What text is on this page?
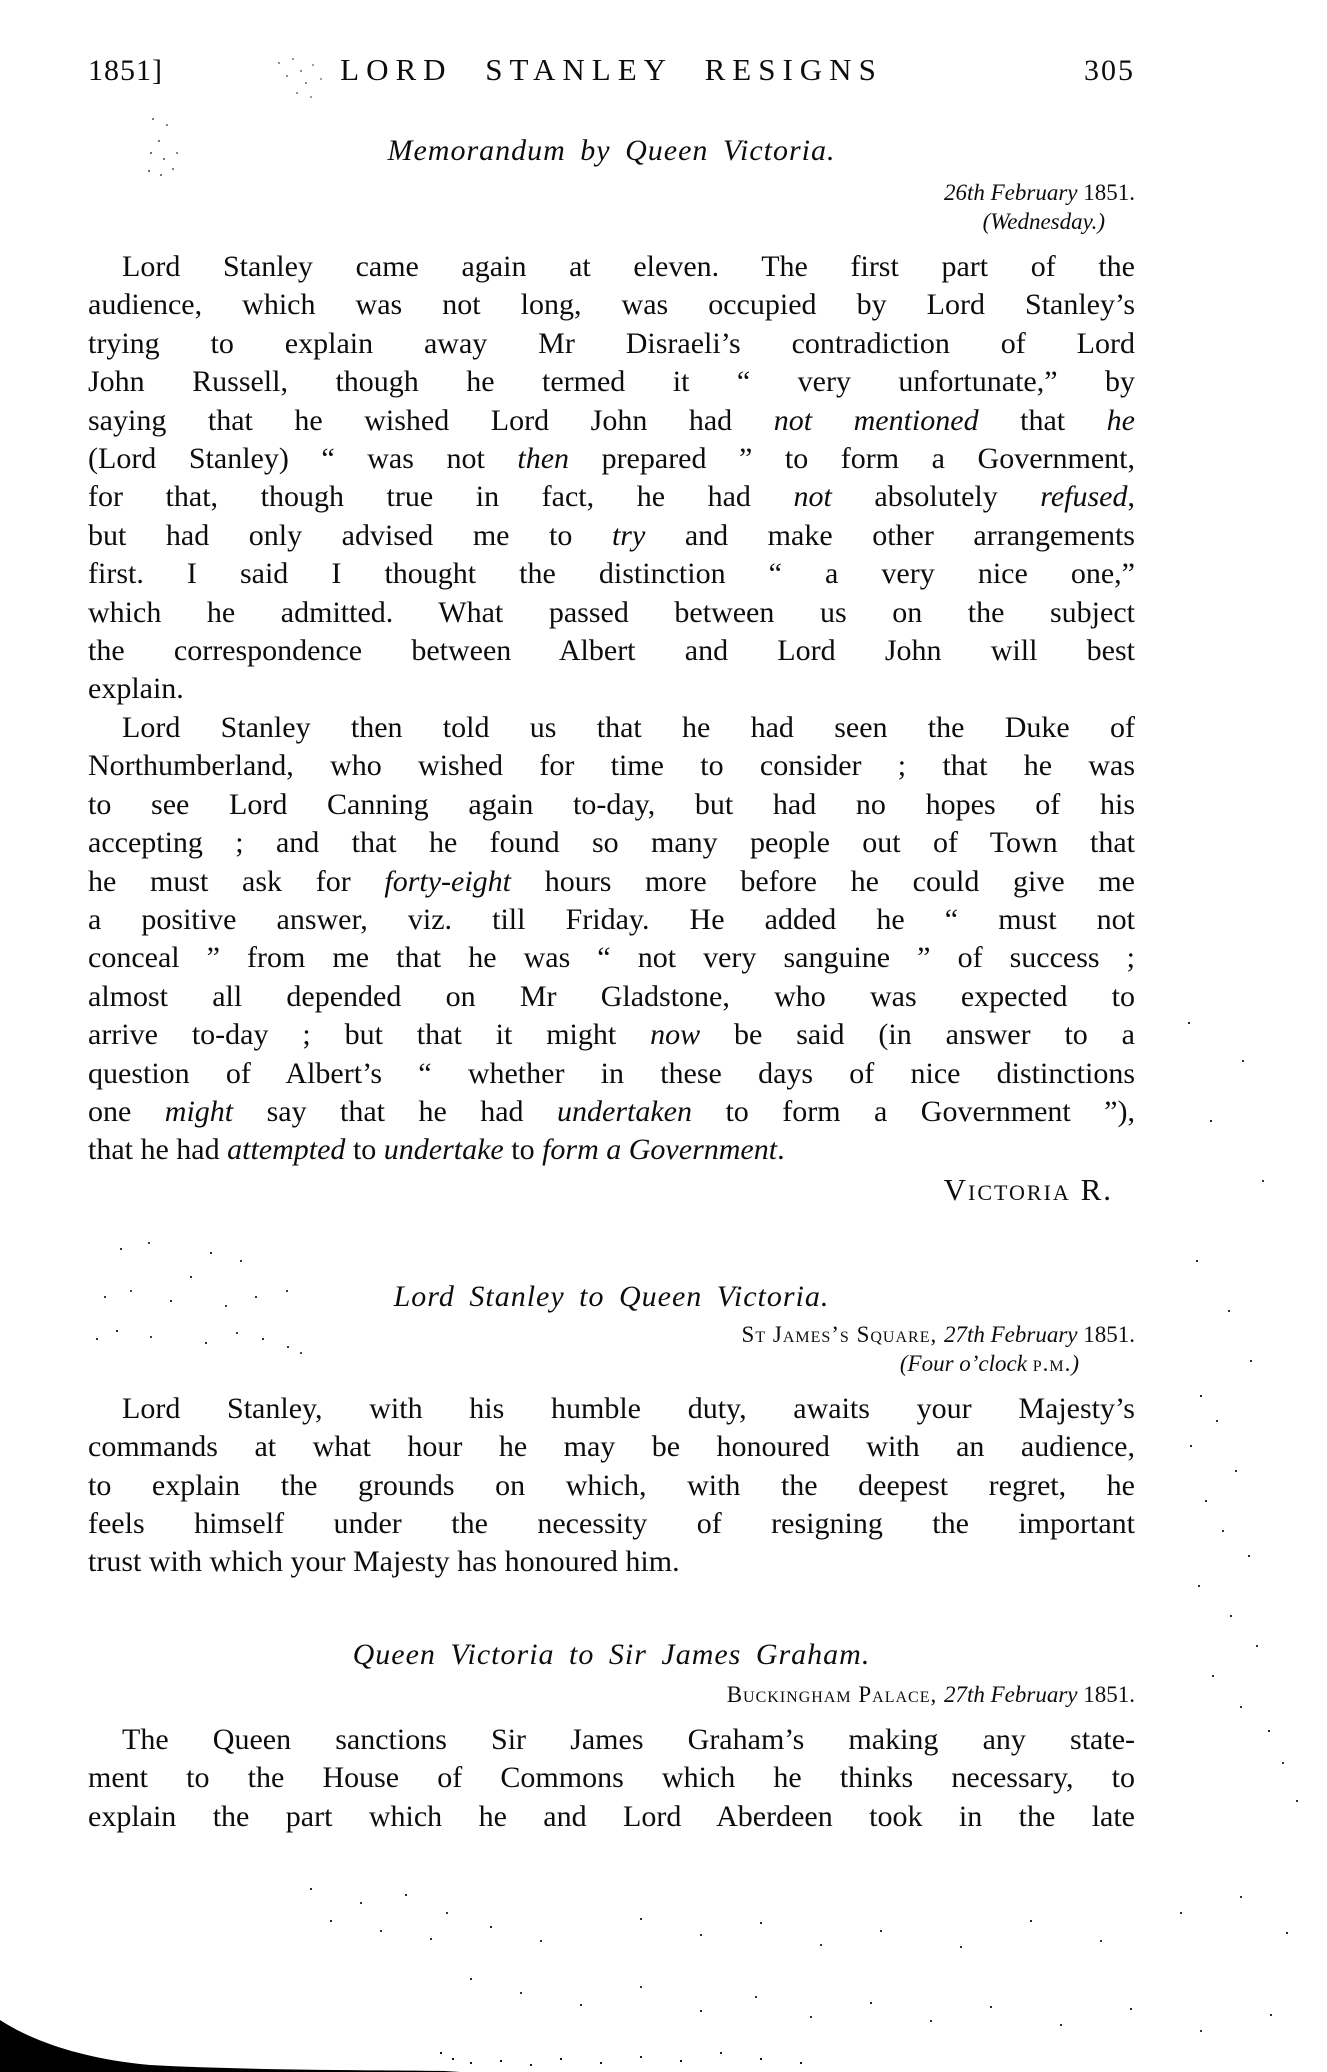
1851]	LORD STANLEY RESIGNS	305
Memorandum by Queen Victoria.
26th February 1851.
(Wednesday.)
Lord Stanley came again at eleven. The first part of the
audience, which was not long, was occupied by Lord Stanley’s
trying to explain away Mr Disraeli’s contradiction of Lord
John Russell, though he termed it “ very unfortunate,” by
saying that he wished Lord John had not mentioned that he
(Lord Stanley) “ was not then prepared ” to form a Government,
for that, though true in fact, he had not absolutely refused,
but had only advised me to try and make other arrangements
first. I said I thought the distinction “ a very nice one,”
which he admitted. What passed between us on the subject
the correspondence between Albert and Lord John will best
explain.
Lord Stanley then told us that he had seen the Duke of
Northumberland, who wished for time to consider ; that he was
to see Lord Canning again to-day, but had no hopes of his
accepting ; and that he found so many people out of Town that
he must ask for forty-eight hours more before he could give me
a positive answer, viz. till Friday. He added he “ must not
conceal ” from me that he was “ not very sanguine ” of success ;
almost all depended on Mr Gladstone, who was expected to
arrive to-day ; but that it might now be said (in answer to a
question of Albert’s “ whether in these days of nice distinctions
one might say that he had undertaken to form a Government ”),
that he had attempted to undertake to form a Government.
Victoria R.
Lord Stanley to Queen Victoria.
St James’s Square, 27th February 1851.
(Four o’clock p.m.)
Lord Stanley, with his humble duty, awaits your Majesty’s
commands at what hour he may be honoured with an audience,
to explain the grounds on which, with the deepest regret, he
feels himself under the necessity of resigning the important
trust with which your Majesty has honoured him.
Queen Victoria to Sir James Graham.
Buckingham Palace, 27th February 1851.
The Queen sanctions Sir James Graham’s making any state-
ment to the House of Commons which he thinks necessary, to
explain the part which he and Lord Aberdeen took in the late
